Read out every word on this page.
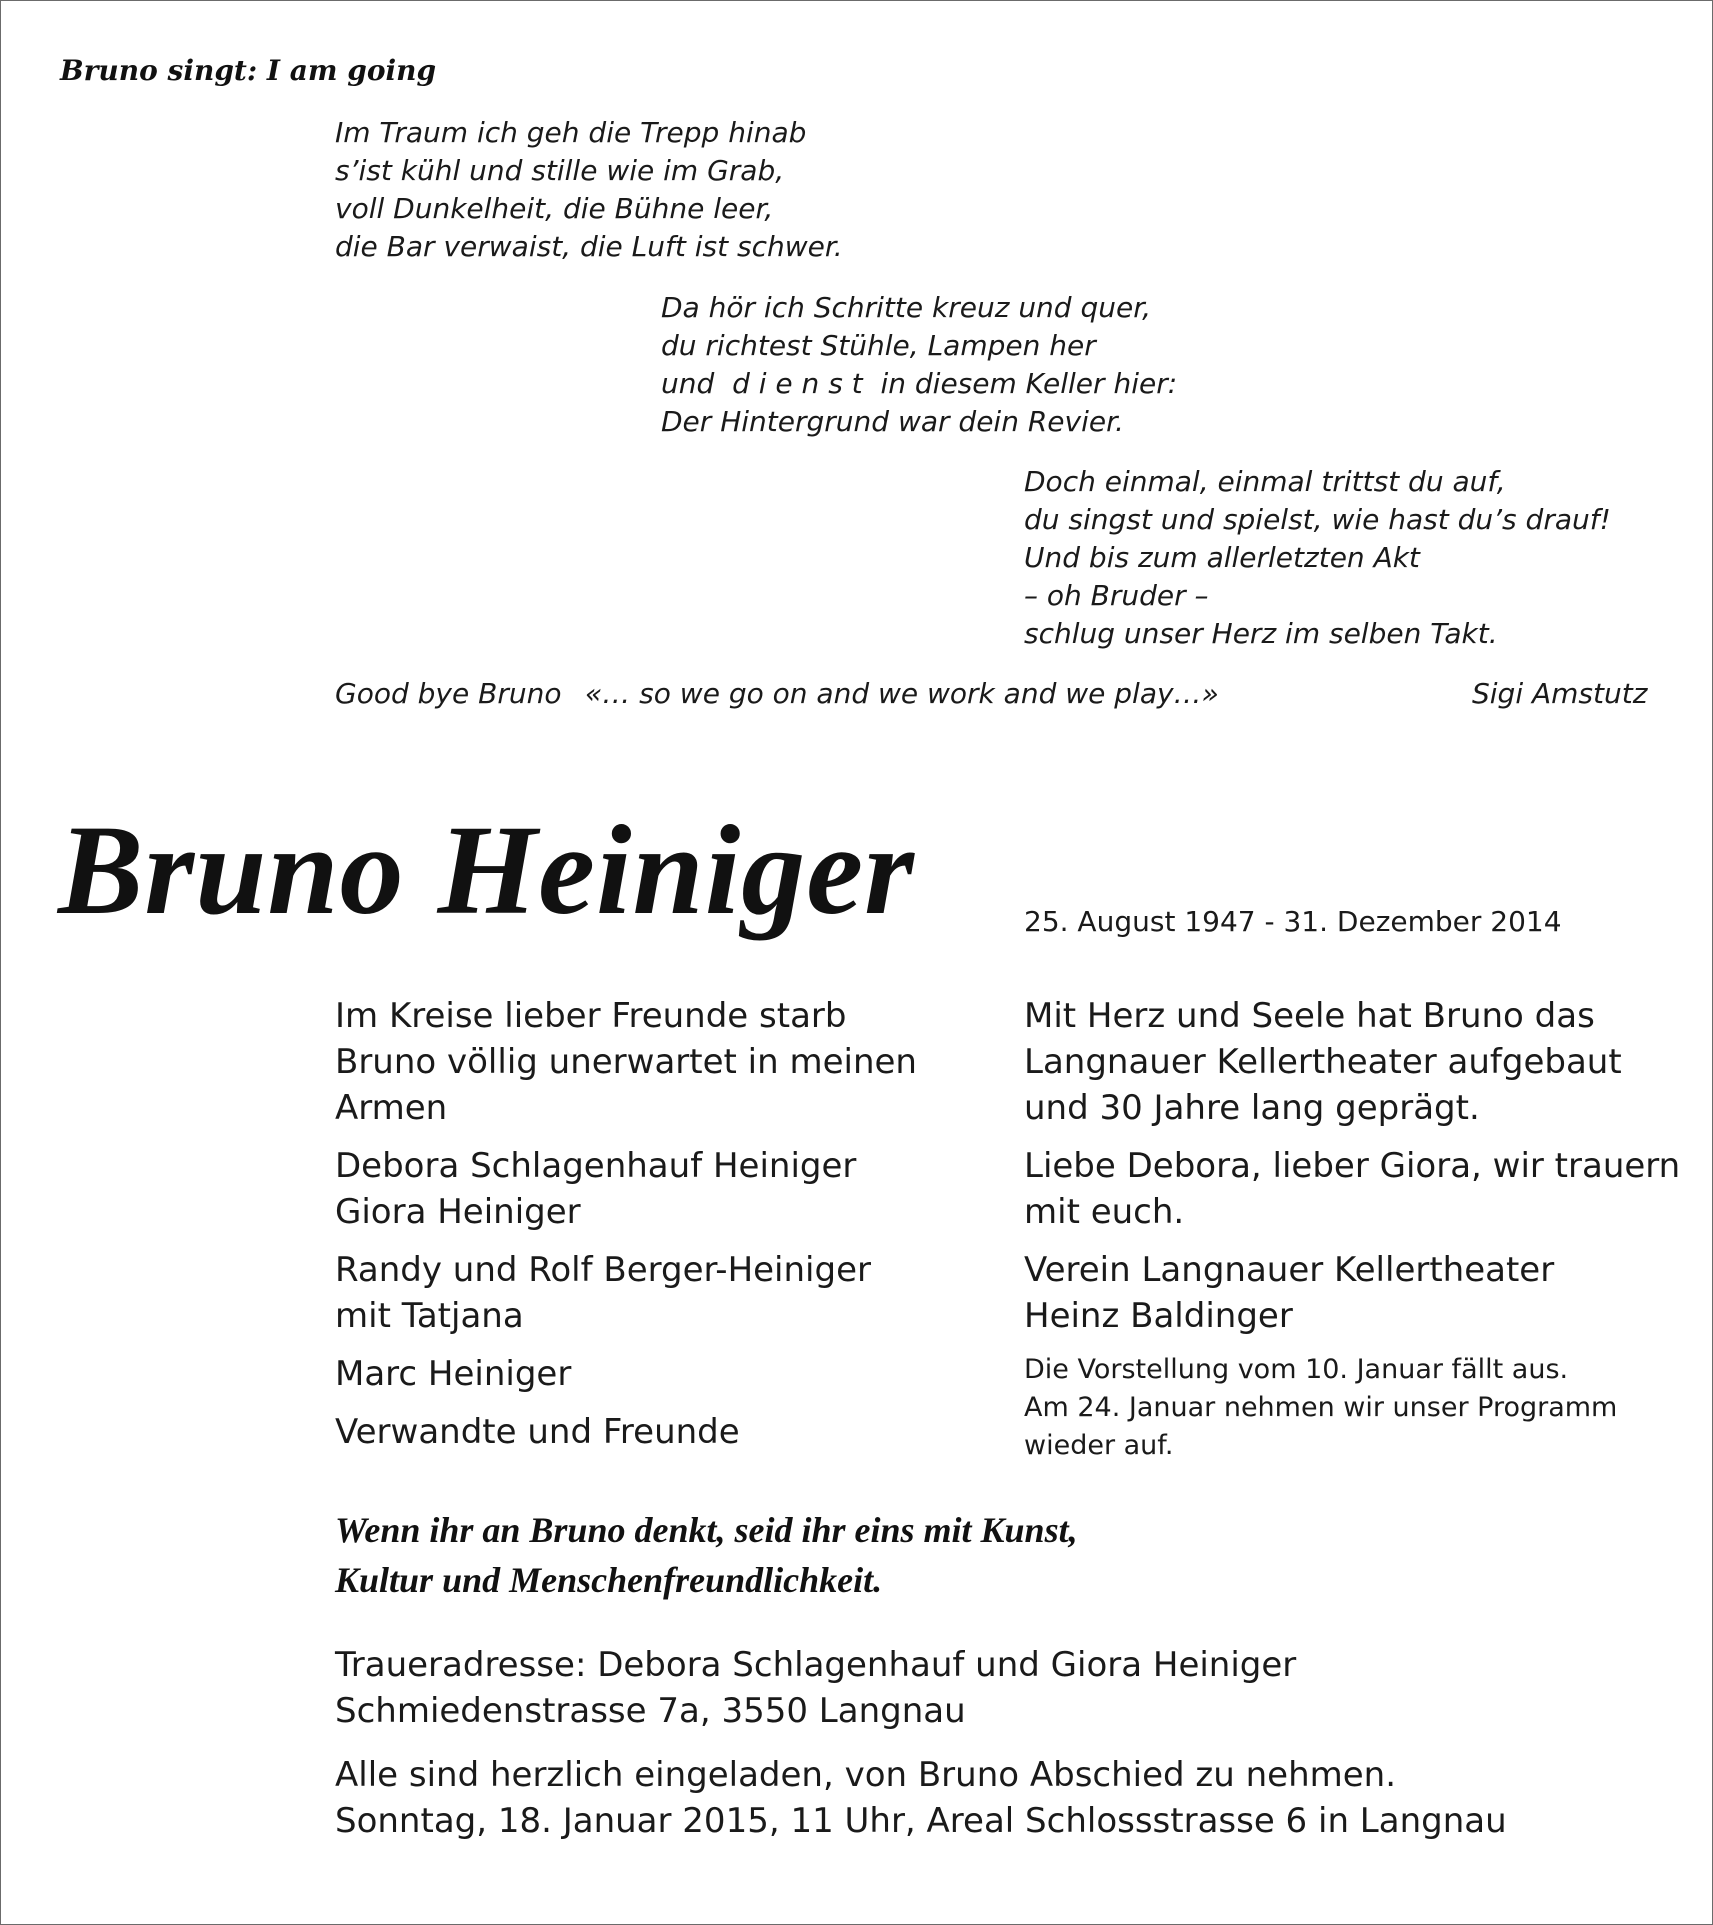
Bruno singt: I am going
Im Traum ich geh die Trepp hinab
s’ist kühl und stille wie im Grab,
voll Dunkelheit, die Bühne leer,
die Bar verwaist, die Luft ist schwer.
Da hör ich Schritte kreuz und quer,
du richtest Stühle, Lampen her
und  d i e n s t  in diesem Keller hier:
Der Hintergrund war dein Revier.
Doch einmal, einmal trittst du auf,
du singst und spielst, wie hast du’s drauf!
Und bis zum allerletzten Akt
– oh Bruder –
schlug unser Herz im selben Takt.
Good bye Bruno «… so we go on and we work and we play…»	Sigi Amstutz
Bruno Heiniger	25. August 1947 - 31. Dezember 2014
Im Kreise lieber Freunde starb
Bruno völlig unerwartet in meinen
Armen
Debora Schlagenhauf Heiniger
Giora Heiniger
Randy und Rolf Berger-Heiniger
mit Tatjana
Marc Heiniger
Verwandte und Freunde
Mit Herz und Seele hat Bruno das
Langnauer Kellertheater aufgebaut
und 30 Jahre lang geprägt.
Liebe Debora, lieber Giora, wir trauern
mit euch.
Verein Langnauer Kellertheater
Heinz Baldinger
Die Vorstellung vom 10. Januar fällt aus.
Am 24. Januar nehmen wir unser Programm
wieder auf.
Wenn ihr an Bruno denkt, seid ihr eins mit Kunst,
Kultur und Menschenfreundlichkeit.
Traueradresse: Debora Schlagenhauf und Giora Heiniger
Schmiedenstrasse 7a, 3550 Langnau
Alle sind herzlich eingeladen, von Bruno Abschied zu nehmen.
Sonntag, 18. Januar 2015, 11 Uhr, Areal Schlossstrasse 6 in Langnau
